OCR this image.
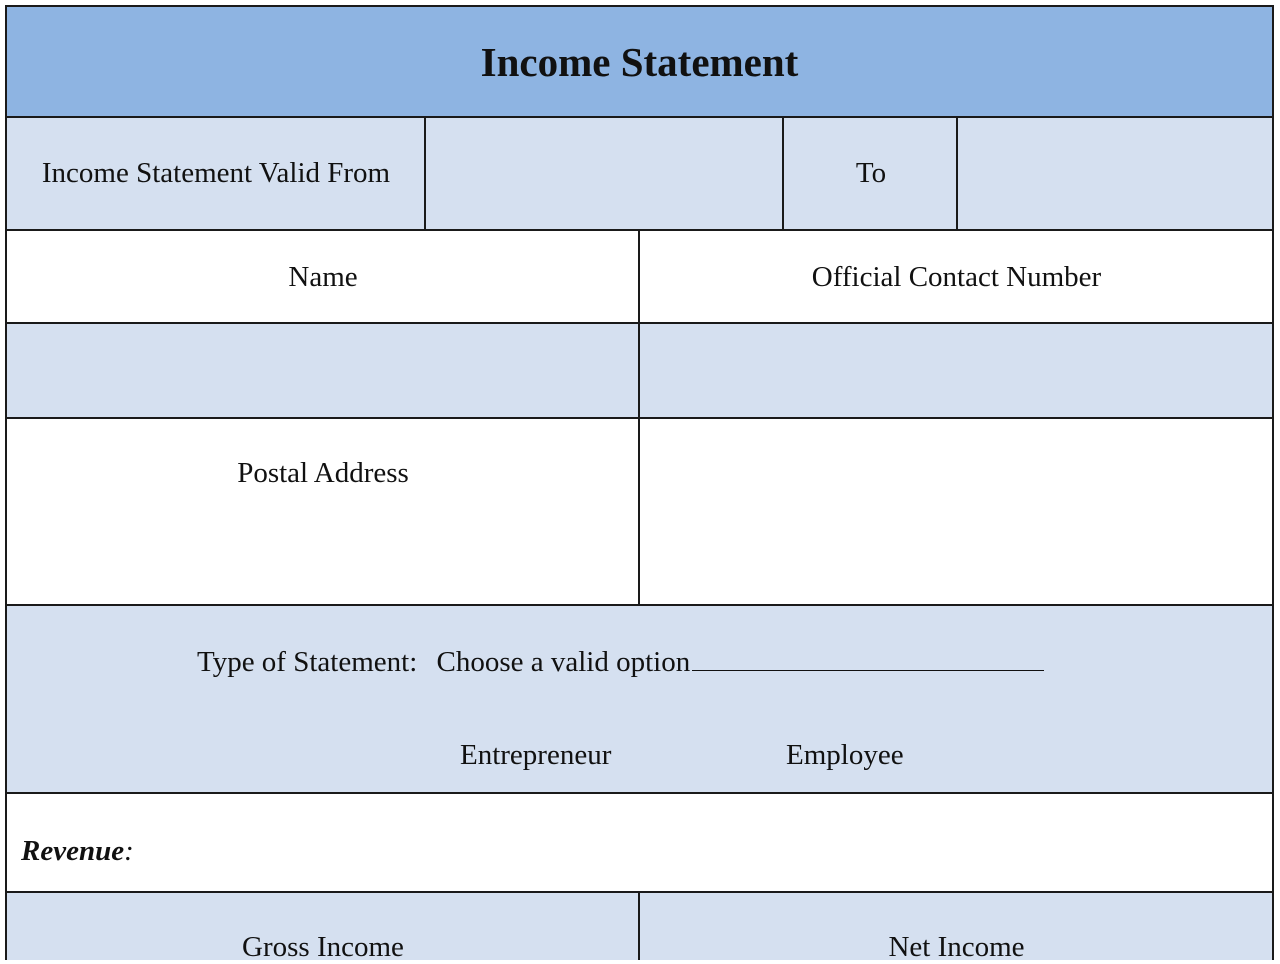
Income Statement
Income Statement Valid From	To
Name	Official Contact Number
Postal Address
Type of Statement: Choose a valid option
Entrepreneur	Employee
Revenue:
Gross Income	Net Income
